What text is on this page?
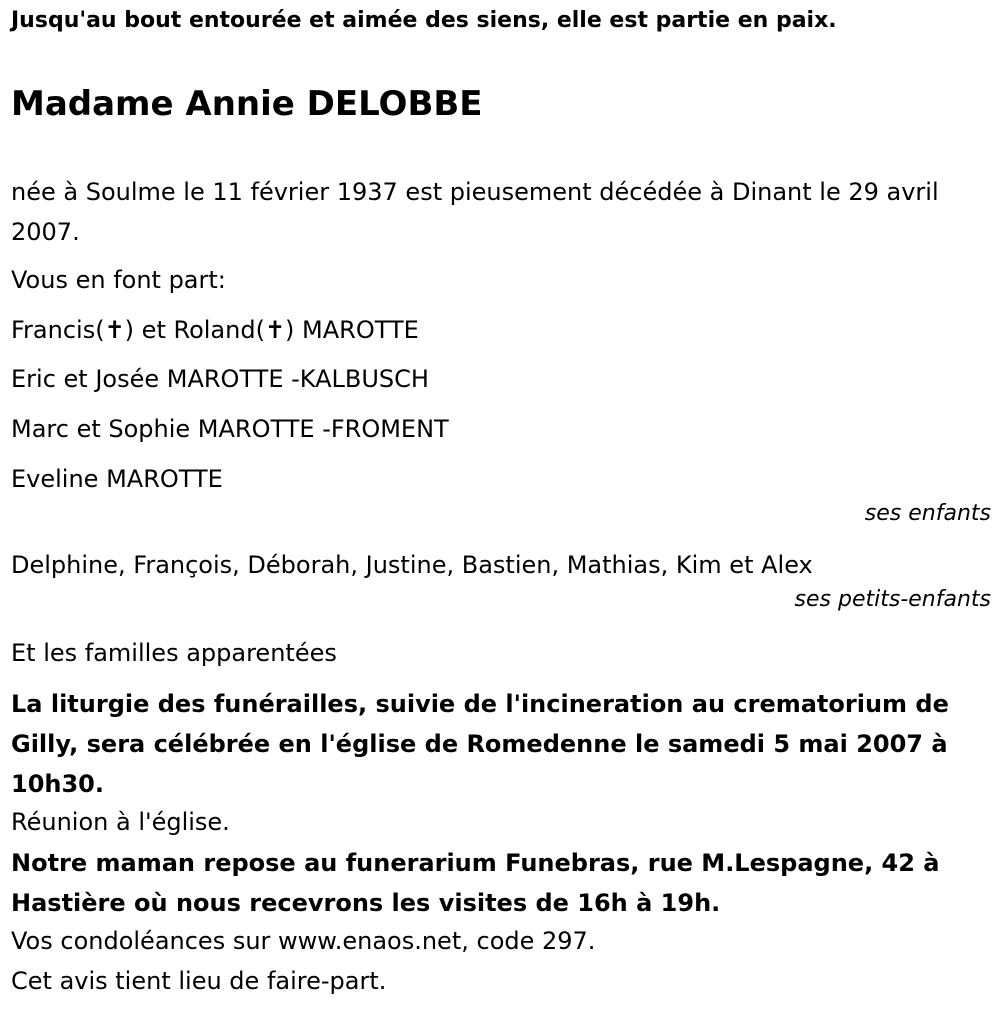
Jusqu'au bout entourée et aimée des siens, elle est partie en paix.
Madame Annie DELOBBE
née à Soulme le 11 février 1937 est pieusement décédée à Dinant le 29 avril 2007.
Vous en font part:
Francis(✝) et Roland(✝) MAROTTE
Eric et Josée MAROTTE -KALBUSCH
Marc et Sophie MAROTTE -FROMENT
Eveline MAROTTE
ses enfants
Delphine, François, Déborah, Justine, Bastien, Mathias, Kim et Alex
ses petits-enfants
Et les familles apparentées
La liturgie des funérailles, suivie de l'incineration au crematorium de Gilly, sera célébrée en l'église de Romedenne le samedi 5 mai 2007 à 10h30.
Réunion à l'église.
Notre maman repose au funerarium Funebras, rue M.Lespagne, 42 à Hastière où nous recevrons les visites de 16h à 19h.
Vos condoléances sur www.enaos.net, code 297.
Cet avis tient lieu de faire-part.
